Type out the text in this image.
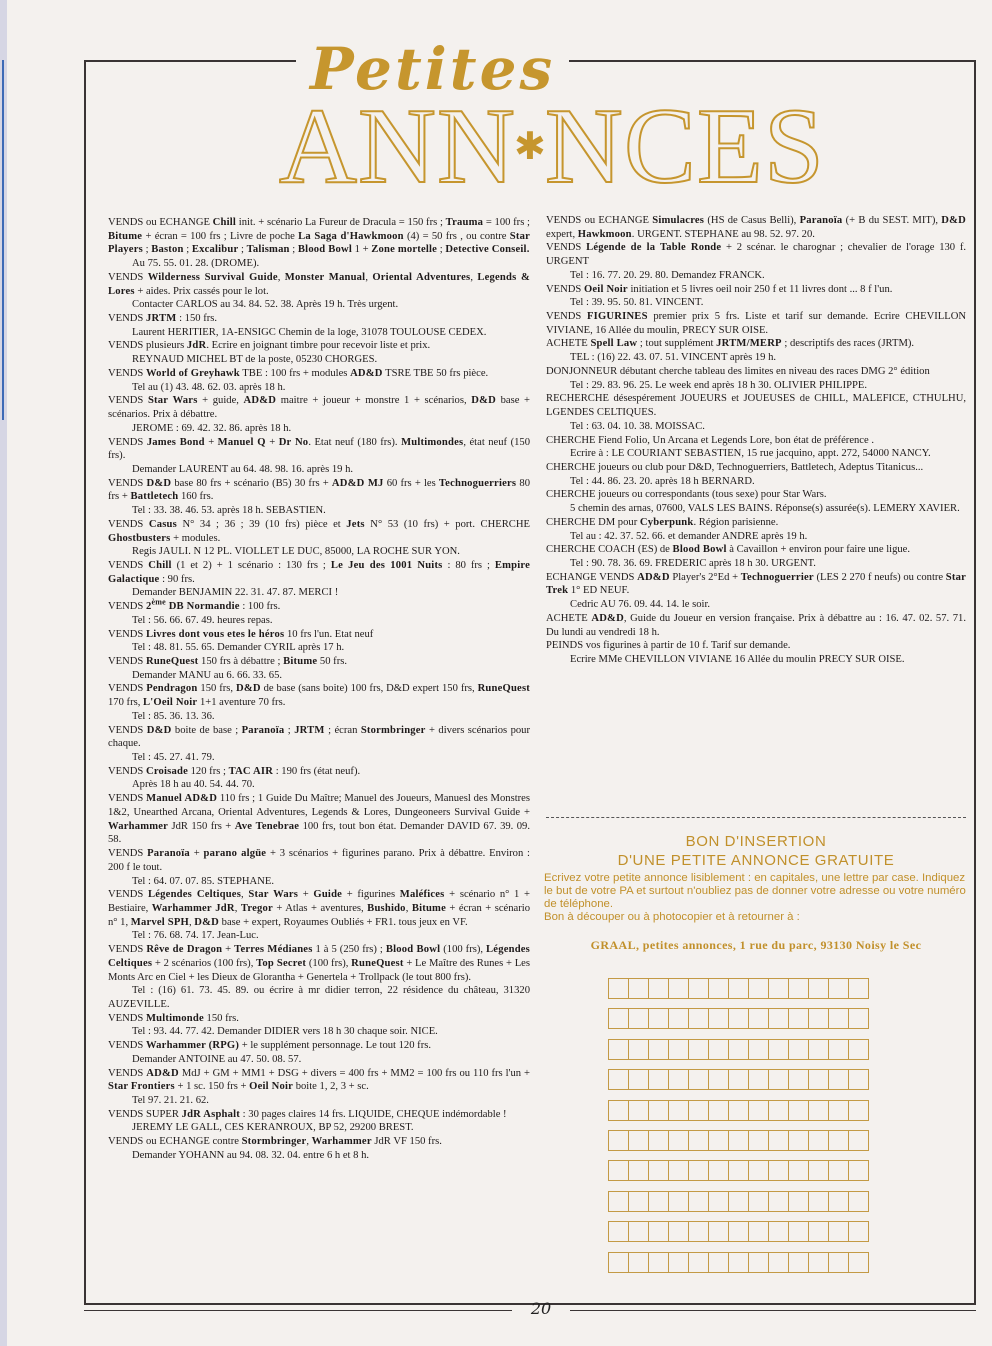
Petites
ANN
✱
NCES

VENDS ou ECHANGE Chill init. + scénario La Fureur de Dracula = 150 frs ; Trauma = 100 frs ; Bitume + écran = 100 frs ; Livre de poche La Saga d'Hawkmoon (4) = 50 frs , ou contre Star Players ; Baston ; Excalibur ; Talisman ; Blood Bowl 1 + Zone mortelle ; Detective Conseil.

Au 75. 55. 01. 28. (DROME).

VENDS Wilderness Survival Guide, Monster Manual, Oriental Adventures, Legends & Lores + aides. Prix cassés pour le lot.

Contacter CARLOS au 34. 84. 52. 38. Après 19 h. Très urgent.

VENDS JRTM : 150 frs.

Laurent HERITIER, 1A-ENSIGC Chemin de la loge, 31078 TOULOUSE CEDEX.

VENDS plusieurs JdR. Ecrire en joignant timbre pour recevoir liste et prix.

REYNAUD MICHEL BT de la poste, 05230 CHORGES.

VENDS World of Greyhawk TBE : 100 frs + modules AD&D TSRE TBE 50 frs pièce.

Tel au (1) 43. 48. 62. 03. après 18 h.

VENDS Star Wars + guide, AD&D maitre + joueur + monstre 1 + scénarios, D&D base + scénarios. Prix à débattre.

JEROME : 69. 42. 32. 86. après 18 h.

VENDS James Bond + Manuel Q + Dr No. Etat neuf (180 frs). Multimondes, état neuf (150 frs).

Demander LAURENT au 64. 48. 98. 16. après 19 h.

VENDS D&D base 80 frs + scénario (B5) 30 frs + AD&D MJ 60 frs + les Technoguerriers 80 frs + Battletech 160 frs.

Tel : 33. 38. 46. 53. après 18 h. SEBASTIEN.

VENDS Casus N° 34 ; 36 ; 39 (10 frs) pièce et Jets N° 53 (10 frs) + port. CHERCHE Ghostbusters + modules.

Regis JAULI. N 12 PL. VIOLLET LE DUC, 85000, LA ROCHE SUR YON.

VENDS Chill (1 et 2) + 1 scénario : 130 frs ; Le Jeu des 1001 Nuits : 80 frs ; Empire Galactique : 90 frs.

Demander BENJAMIN 22. 31. 47. 87. MERCI !

VENDS 2ème DB Normandie : 100 frs.

Tel : 56. 66. 67. 49. heures repas.

VENDS Livres dont vous etes le héros 10 frs l'un. Etat neuf

Tel : 48. 81. 55. 65. Demander CYRIL après 17 h.

VENDS RuneQuest 150 frs à débattre ; Bitume 50 frs.

Demander MANU au 6. 66. 33. 65.

VENDS Pendragon 150 frs, D&D de base (sans boite) 100 frs, D&D expert 150 frs, RuneQuest 170 frs, L'Oeil Noir 1+1 aventure 70 frs.

Tel : 85. 36. 13. 36.

VENDS D&D boite de base ; Paranoïa ; JRTM ; écran Stormbringer + divers scénarios pour chaque.

Tel : 45. 27. 41. 79.

VENDS Croisade 120 frs ; TAC AIR : 190 frs (état neuf).

Après 18 h au 40. 54. 44. 70.

VENDS Manuel AD&D 110 frs ; 1 Guide Du Maître; Manuel des Joueurs, Manuesl des Monstres 1&2, Unearthed Arcana, Oriental Adventures, Legends & Lores, Dungeoneers Survival Guide + Warhammer JdR 150 frs + Ave Tenebrae 100 frs, tout bon état. Demander DAVID 67. 39. 09. 58.

VENDS Paranoïa + parano algüe + 3 scénarios + figurines parano. Prix à débattre. Environ : 200 f le tout.

Tel : 64. 07. 07. 85. STEPHANE.

VENDS Légendes Celtiques, Star Wars + Guide + figurines Maléfices + scénario n° 1 + Bestiaire, Warhammer JdR, Tregor + Atlas + aventures, Bushido, Bitume + écran + scénario n° 1, Marvel SPH, D&D base + expert, Royaumes Oubliés + FR1. tous jeux en VF.

Tel : 76. 68. 74. 17. Jean-Luc.

VENDS Rêve de Dragon + Terres Médianes 1 à 5 (250 frs) ; Blood Bowl (100 frs), Légendes Celtiques + 2 scénarios (100 frs), Top Secret (100 frs), RuneQuest + Le Maître des Runes + Les Monts Arc en Ciel + les Dieux de Glorantha + Genertela + Trollpack (le tout 800 frs).

Tel : (16) 61. 73. 45. 89. ou écrire à mr didier terron, 22 résidence du château, 31320 AUZEVILLE.

VENDS Multimonde 150 frs.

Tel : 93. 44. 77. 42. Demander DIDIER vers 18 h 30 chaque soir. NICE.

VENDS Warhammer (RPG) + le supplément personnage. Le tout 120 frs.

Demander ANTOINE au 47. 50. 08. 57.

VENDS AD&D MdJ + GM + MM1 + DSG + divers = 400 frs + MM2 = 100 frs ou 110 frs l'un + Star Frontiers + 1 sc. 150 frs + Oeil Noir boite 1, 2, 3 + sc.

Tel 97. 21. 21. 62.

VENDS SUPER JdR Asphalt : 30 pages claires 14 frs. LIQUIDE, CHEQUE indémordable !

JEREMY LE GALL, CES KERANROUX, BP 52, 29200 BREST.

VENDS ou ECHANGE contre Stormbringer, Warhammer JdR VF 150 frs.

Demander YOHANN au 94. 08. 32. 04. entre 6 h et 8 h.

VENDS ou ECHANGE Simulacres (HS de Casus Belli), Paranoïa (+ B du SEST. MIT), D&D expert, Hawkmoon. URGENT. STEPHANE au 98. 52. 97. 20.

VENDS Légende de la Table Ronde + 2 scénar. le charognar ; chevalier de l'orage 130 f. URGENT

Tel : 16. 77. 20. 29. 80. Demandez FRANCK.

VENDS Oeil Noir initiation et 5 livres oeil noir 250 f et 11 livres dont ... 8 f l'un.

Tel : 39. 95. 50. 81. VINCENT.

VENDS FIGURINES premier prix 5 frs. Liste et tarif sur demande. Ecrire CHEVILLON VIVIANE, 16 Allée du moulin, PRECY SUR OISE.

ACHETE Spell Law ; tout supplément JRTM/MERP ; descriptifs des races (JRTM).

TEL : (16) 22. 43. 07. 51. VINCENT après 19 h.

DONJONNEUR débutant cherche tableau des limites en niveau des races DMG 2° édition

Tel : 29. 83. 96. 25. Le week end après 18 h 30. OLIVIER PHILIPPE.

RECHERCHE désespérement JOUEURS et JOUEUSES de CHILL, MALEFICE, CTHULHU, LGENDES CELTIQUES.

Tel : 63. 04. 10. 38. MOISSAC.

CHERCHE Fiend Folio, Un Arcana et Legends Lore, bon état de préférence .

Ecrire à : LE COURIANT SEBASTIEN, 15 rue jacquino, appt. 272, 54000 NANCY.

CHERCHE joueurs ou club pour D&D, Technoguerriers, Battletech, Adeptus Titanicus...

Tel : 44. 86. 23. 20. après 18 h BERNARD.

CHERCHE joueurs ou correspondants (tous sexe) pour Star Wars.

5 chemin des arnas, 07600, VALS LES BAINS. Réponse(s) assurée(s). LEMERY XAVIER.

CHERCHE DM pour Cyberpunk. Région parisienne.

Tel au : 42. 37. 52. 66. et demander ANDRE après 19 h.

CHERCHE COACH (ES) de Blood Bowl à Cavaillon + environ pour faire une ligue.

Tel : 90. 78. 36. 69. FREDERIC après 18 h 30. URGENT.

ECHANGE VENDS AD&D Player's 2°Ed + Technoguerrier (LES 2 270 f neufs) ou contre Star Trek 1° ED NEUF.

Cedric AU 76. 09. 44. 14. le soir.

ACHETE AD&D, Guide du Joueur en version française. Prix à débattre au : 16. 47. 02. 57. 71. Du lundi au vendredi 18 h.

PEINDS vos figurines à partir de 10 f. Tarif sur demande.

Ecrire MMe CHEVILLON VIVIANE 16 Allée du moulin PRECY SUR OISE.

BON D'INSERTION
D'UNE PETITE ANNONCE GRATUITE

Ecrivez votre petite annonce lisiblement : en capitales, une lettre par case. Indiquez le but de votre PA et surtout n'oubliez pas de donner votre adresse ou votre numéro de téléphone.

Bon à découper ou à photocopier et à retourner à :

GRAAL, petites annonces, 1 rue du parc, 93130 Noisy le Sec
20
